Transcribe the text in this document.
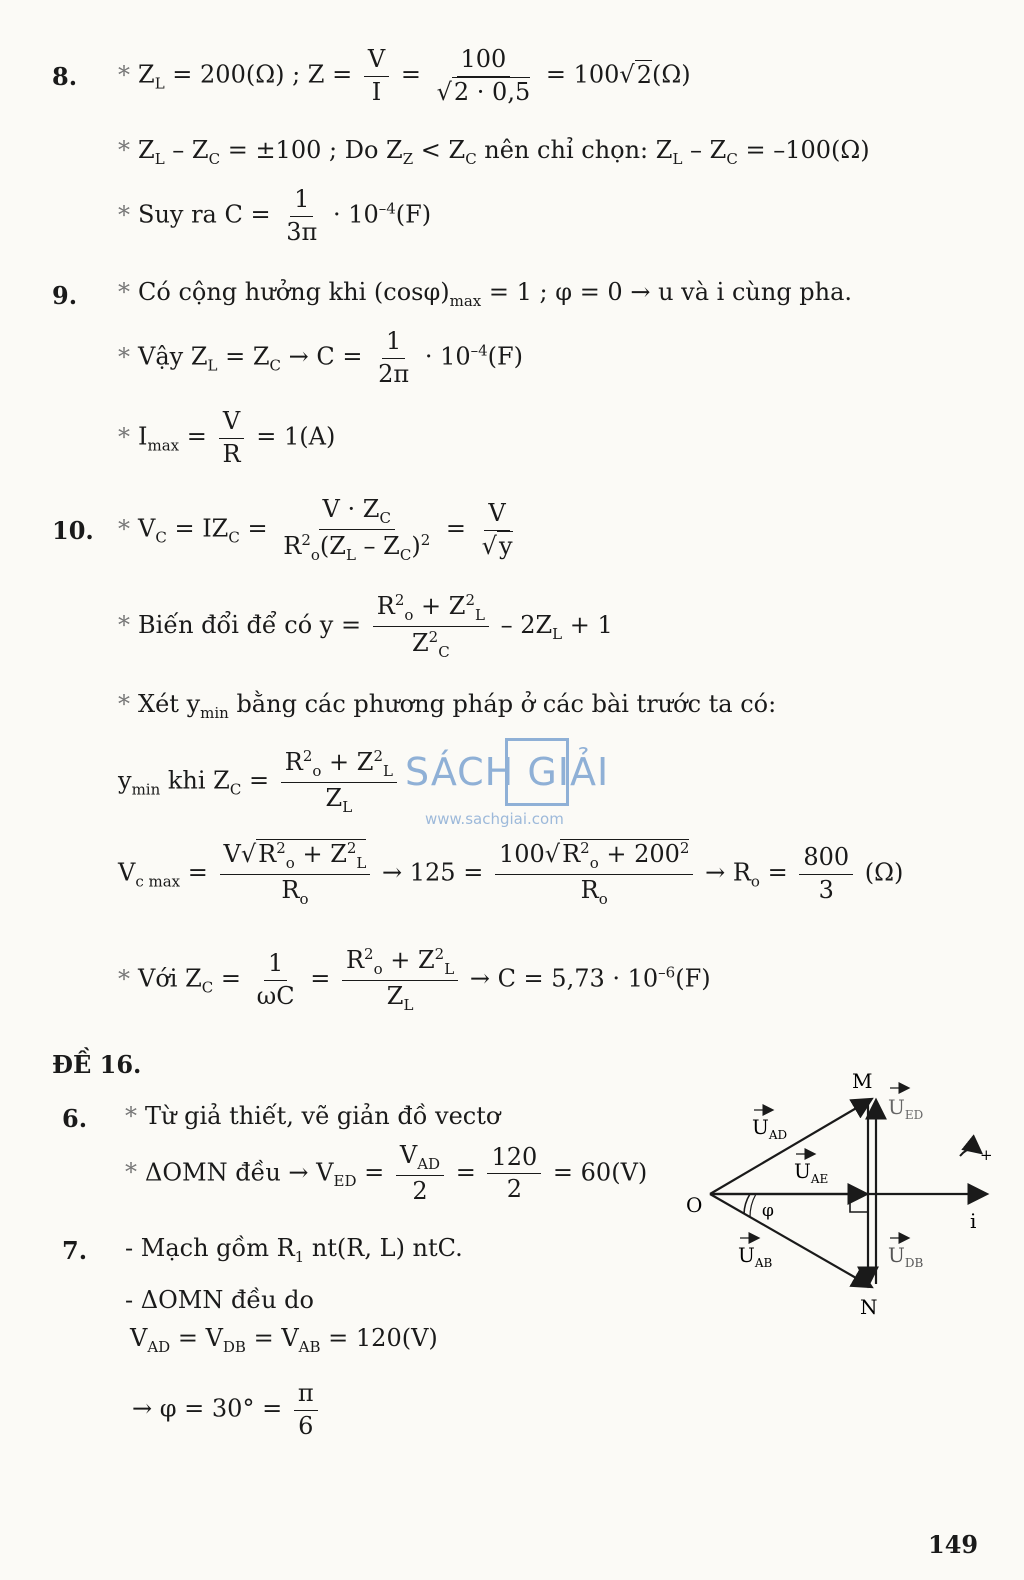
SÁCH GIẢI
www.sachgiai.com
8. * $Z_L = 200(\Omega)$ ; $Z = \frac{V}{I} = \frac{100}{√2 \cdot 0,5} = 100√2(\Omega)$
* $Z_L - Z_C = \pm 100$ ; Do $Z_Z < Z_C$ nên chỉ chọn: $Z_L - Z_C = -100(\Omega)$
* Suy ra $C = \frac{1}{3\pi} \cdot 10^{-4}(F)$
9. * Có cộng hưởng khi $(\cos\varphi)_{max} = 1$ ; φ = 0 → u và i cùng pha.
* Vậy $Z_L = Z_C \to C = \frac{1}{2\pi} \cdot 10^{-4}(F)$
* $I_{max} = \frac{V}{R} = 1(A)$
10. * $V_C = IZ_C = \frac{V \cdot Z_C}{R^2_o(Z_L - Z_C)^2} = \frac{V}{√y}$
* Biến đổi để có $y = \frac{R^2_o + Z^2_L}{Z^2_C} - 2Z_L + 1$
* Xét $y_{min}$ bằng các phương pháp ở các bài trước ta có:
$y_{min}$ khi $Z_C = \frac{R^2_o + Z^2_L}{Z_L}$
$V_{c max} = \frac{V√R^2_o + Z^2_L}{R_o} \to 125 = \frac{100√R^2_o + 200^2}{R_o} \to R_o = \frac{800}{3} (\Omega)$
* Với $Z_C = \frac{1}{\omega C} = \frac{R^2_o + Z^2_L}{Z_L} \to C = 5,73 \cdot 10^{-6}(F)$
ĐỀ 16.
6. * Từ giả thiết, vẽ giản đồ vectơ
* ΔOMN đều → $V_{ED} = \frac{V_{AD}}{2} = \frac{120}{2} = 60(V)$
7. - Mạch gồm $R_1$ nt(R, L) ntC.
- ΔOMN đều do
$V_{AD} = V_{DB} = V_{AB} = 120(V)$
→ $\varphi = 30^\circ = \frac{\pi}{6}$
M
N
O
i
φ
+
$U_{AD}$
$U_{AE}$
$U_{AB}$
$U_{ED}$
$U_{DB}$
149
